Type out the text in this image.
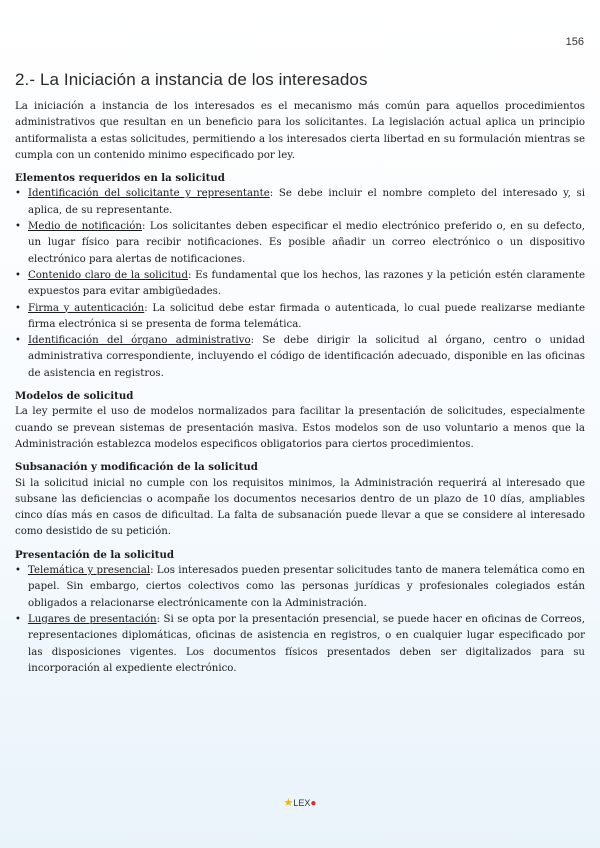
156
2.- La Iniciación a instancia de los interesados

La iniciación a instancia de los interesados es el mecanismo más común para aquellos procedimientos administrativos que resultan en un beneficio para los solicitantes. La legislación actual aplica un principio antiformalista a estas solicitudes, permitiendo a los interesados cierta libertad en su formulación mientras se cumpla con un contenido minimo especificado por ley.

Elementos requeridos en la solicitud
• Identificación del solicitante y representante: Se debe incluir el nombre completo del interesado y, si aplica, de su representante.
• Medio de notificación: Los solicitantes deben especificar el medio electrónico preferido o, en su defecto, un lugar físico para recibir notificaciones. Es posible añadir un correo electrónico o un dispositivo electrónico para alertas de notificaciones.
• Contenido claro de la solicitud: Es fundamental que los hechos, las razones y la petición estén claramente expuestos para evitar ambigüedades.
• Firma y autenticación: La solicitud debe estar firmada o autenticada, lo cual puede realizarse mediante firma electrónica si se presenta de forma telemática.
• Identificación del órgano administrativo: Se debe dirigir la solicitud al órgano, centro o unidad administrativa correspondiente, incluyendo el código de identificación adecuado, disponible en las oficinas de asistencia en registros.
Modelos de solicitud

La ley permite el uso de modelos normalizados para facilitar la presentación de solicitudes, especialmente cuando se prevean sistemas de presentación masiva. Estos modelos son de uso voluntario a menos que la Administración establezca modelos especificos obligatorios para ciertos procedimientos.

Subsanación y modificación de la solicitud

Si la solicitud inicial no cumple con los requisitos minimos, la Administración requerirá al interesado que subsane las deficiencias o acompañe los documentos necesarios dentro de un plazo de 10 días, ampliables cinco días más en casos de dificultad. La falta de subsanación puede llevar a que se considere al interesado como desistido de su petición.

Presentación de la solicitud
• Telemática y presencial: Los interesados pueden presentar solicitudes tanto de manera telemática como en papel. Sin embargo, ciertos colectivos como las personas jurídicas y profesionales colegiados están obligados a relacionarse electrónicamente con la Administración.
• Lugares de presentación: Si se opta por la presentación presencial, se puede hacer en oficinas de Correos, representaciones diplomáticas, oficinas de asistencia en registros, o en cualquier lugar especificado por las disposiciones vigentes. Los documentos físicos presentados deben ser digitalizados para su incorporación al expediente electrónico.
★LEX●
